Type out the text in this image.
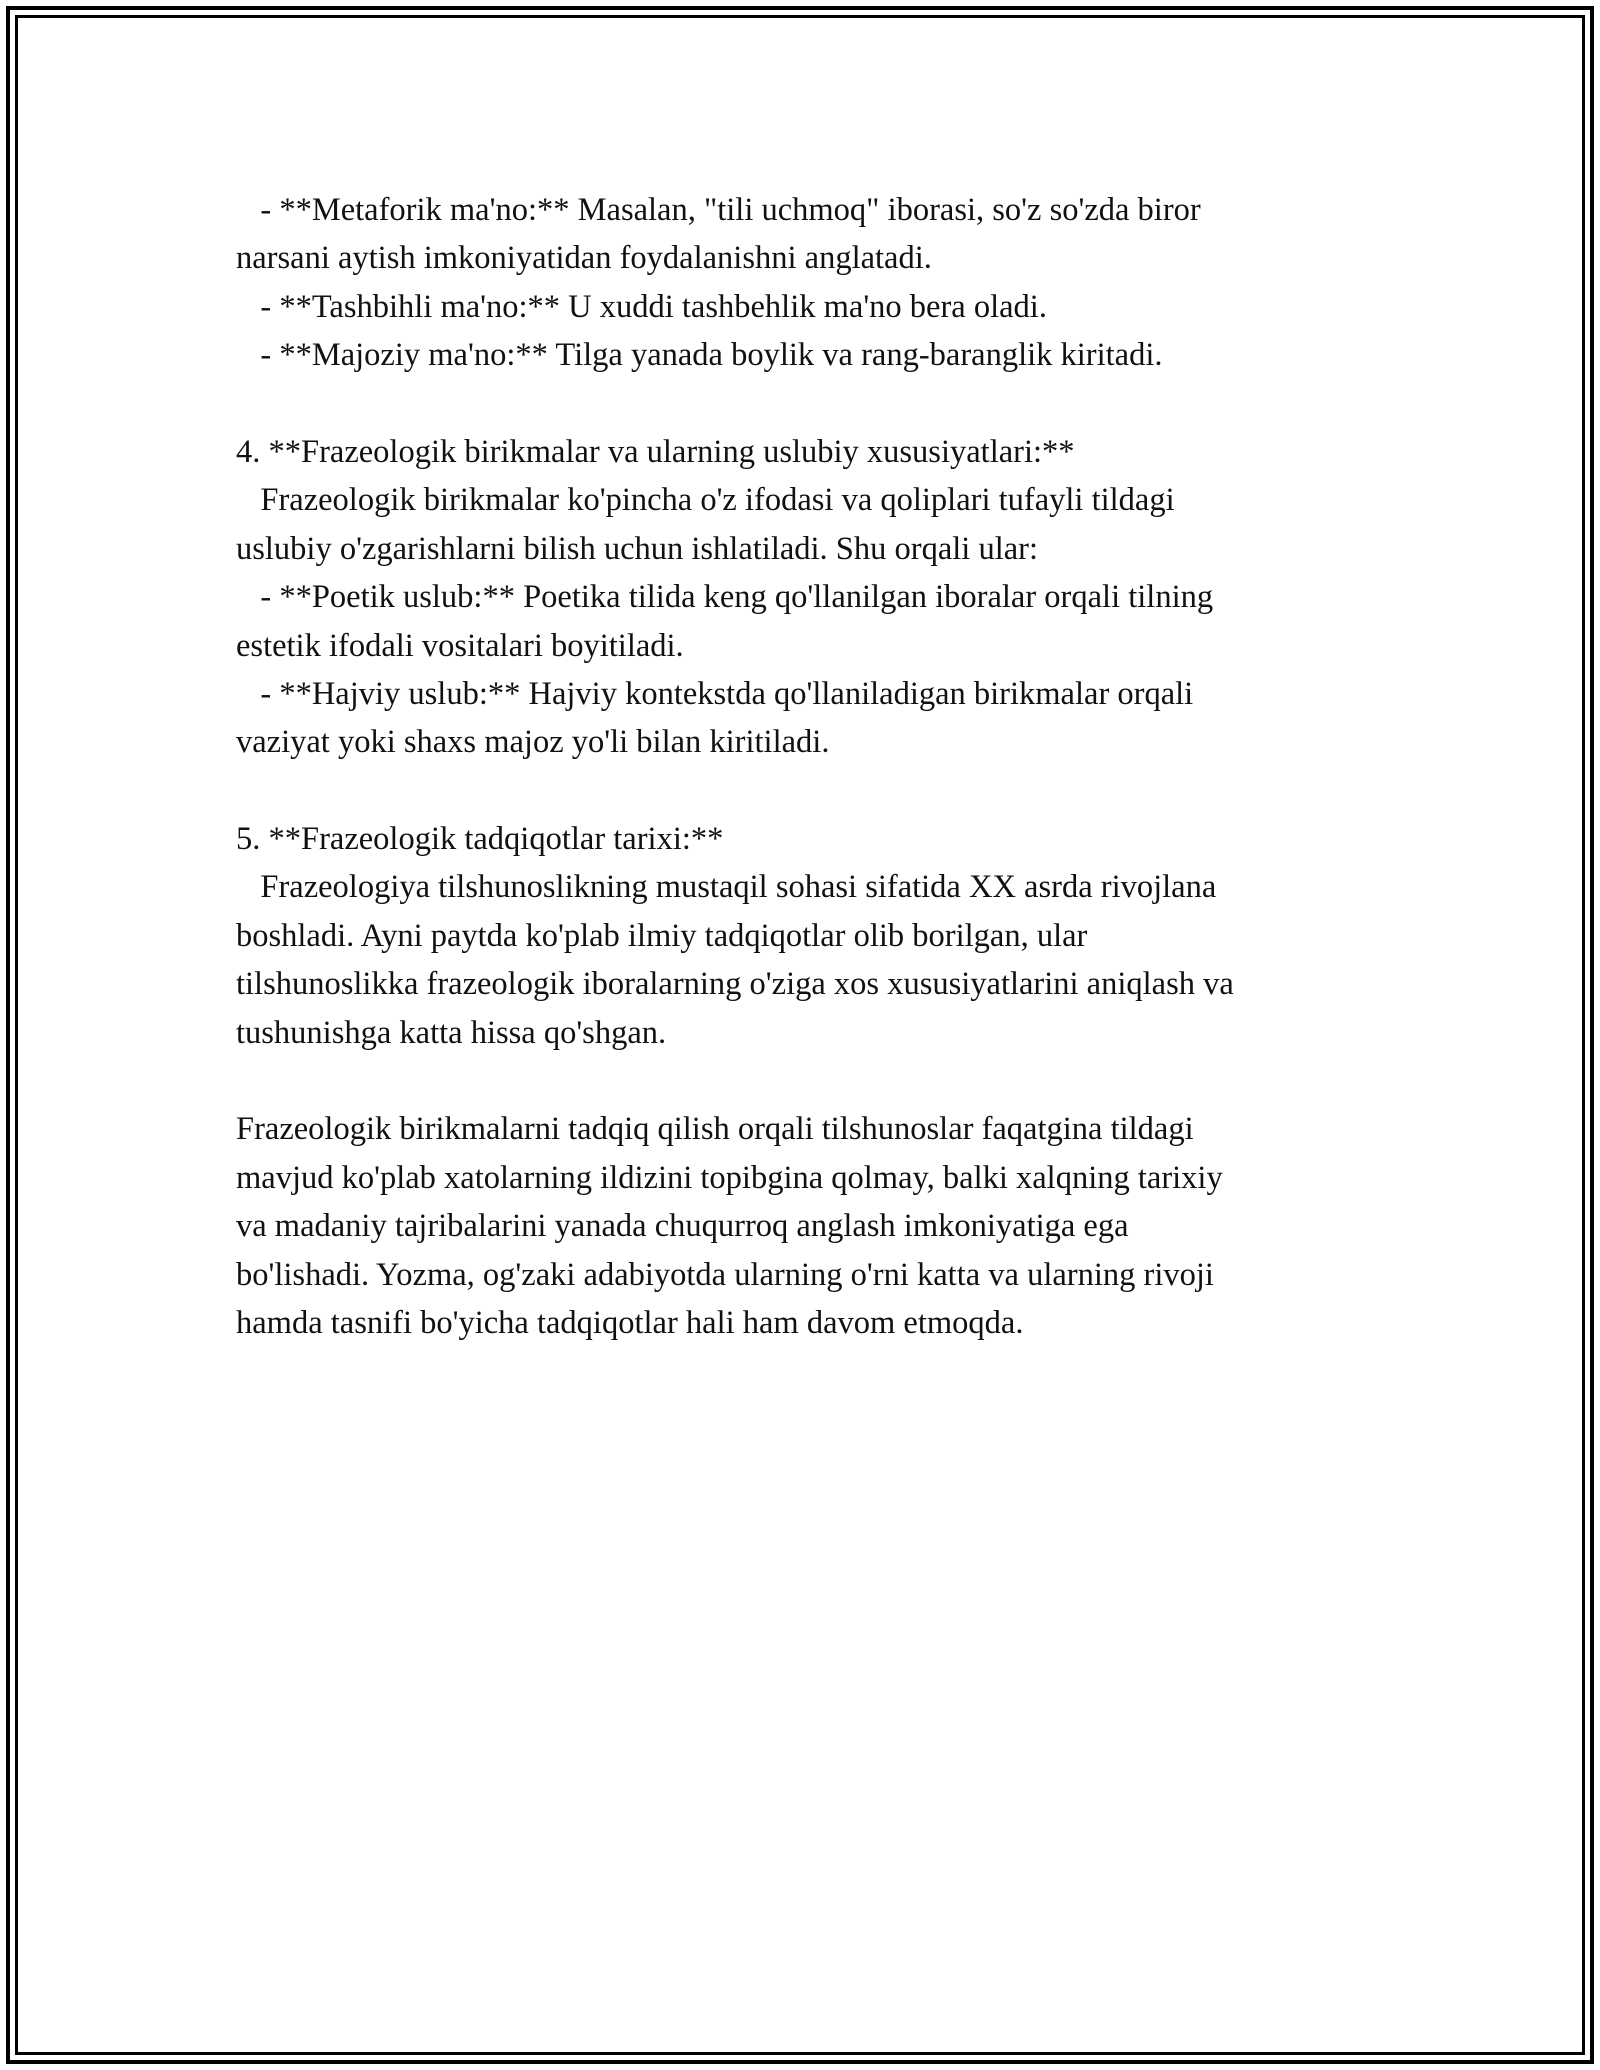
- **Metaforik ma'no:** Masalan, "tili uchmoq" iborasi, so'z so'zda biror
narsani aytish imkoniyatidan foydalanishni anglatadi.
- **Tashbihli ma'no:** U xuddi tashbehlik ma'no bera oladi.
- **Majoziy ma'no:** Tilga yanada boylik va rang-baranglik kiritadi.
4. **Frazeologik birikmalar va ularning uslubiy xususiyatlari:**
Frazeologik birikmalar ko'pincha o'z ifodasi va qoliplari tufayli tildagi
uslubiy o'zgarishlarni bilish uchun ishlatiladi. Shu orqali ular:
- **Poetik uslub:** Poetika tilida keng qo'llanilgan iboralar orqali tilning
estetik ifodali vositalari boyitiladi.
- **Hajviy uslub:** Hajviy kontekstda qo'llaniladigan birikmalar orqali
vaziyat yoki shaxs majoz yo'li bilan kiritiladi.
5. **Frazeologik tadqiqotlar tarixi:**
Frazeologiya tilshunoslikning mustaqil sohasi sifatida XX asrda rivojlana
boshladi. Ayni paytda ko'plab ilmiy tadqiqotlar olib borilgan, ular
tilshunoslikka frazeologik iboralarning o'ziga xos xususiyatlarini aniqlash va
tushunishga katta hissa qo'shgan.
Frazeologik birikmalarni tadqiq qilish orqali tilshunoslar faqatgina tildagi
mavjud ko'plab xatolarning ildizini topibgina qolmay, balki xalqning tarixiy
va madaniy tajribalarini yanada chuqurroq anglash imkoniyatiga ega
bo'lishadi. Yozma, og'zaki adabiyotda ularning o'rni katta va ularning rivoji
hamda tasnifi bo'yicha tadqiqotlar hali ham davom etmoqda.
